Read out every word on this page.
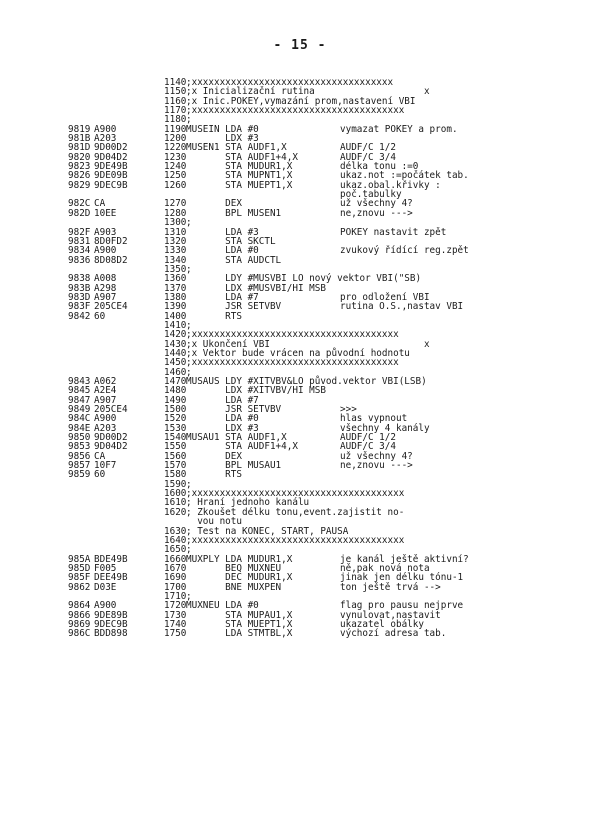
- 15 -
1140 ;xxxxxxxxxxxxxxxxxxxxxxxxxxxxxxxxxxxx
1150 ;x Inicializační rutina	x
1160 ;x Inic.POKEY,vymazání prom,nastavení VBI
1170 ;xxxxxxxxxxxxxxxxxxxxxxxxxxxxxxxxxxxxxx
1180 ;
9819 A900	1190 MUSEIN LDA #0	vymazat POKEY a prom.
981B A203	1200 LDX #3
981D 9D00D2	1220 MUSEN1 STA AUDF1,X	AUDF/C 1/2
9820 9D04D2	1230 STA AUDF1+4,X	AUDF/C 3/4
9823 9DE49B	1240 STA MUDUR1,X	délka tonu :=0
9826 9DE09B	1250 STA MUPNT1,X	ukaz.not :=počátek tab.
9829 9DEC9B	1260 STA MUEPT1,X	ukaz.obal.křivky :
poč.tabulky
982C CA	1270 DEX	už všechny 4?
982D 10EE	1280 BPL MUSEN1	ne,znovu --->
1300 ;
982F A903	1310 LDA #3	POKEY nastavit zpět
9831 8D0FD2	1320 STA SKCTL
9834 A900	1330 LDA #0	zvukový řídící reg.zpět
9836 8D08D2	1340 STA AUDCTL
1350 ;
9838 A008	1360 LDY #MUSVBI LO nový vektor VBI("SB)
983B A298	1370 LDX #MUSVBI/HI MSB
983D A907	1380 LDA #7	pro odložení VBI
983F 205CE4	1390 JSR SETVBV	rutina O.S.,nastav VBI
9842 60	1400 RTS
1410 ;
1420 ;xxxxxxxxxxxxxxxxxxxxxxxxxxxxxxxxxxxxx
1430 ;x Ukončení VBI	x
1440 ;x Vektor bude vrácen na původní hodnotu
1450 ;xxxxxxxxxxxxxxxxxxxxxxxxxxxxxxxxxxxxx
1460 ;
9843 A062	1470 MUSAUS LDY #XITVBV&LO původ.vektor VBI(LSB)
9845 A2E4	1480 LDX #XITVBV/HI MSB
9847 A907	1490 LDA #7
9849 205CE4	1500 JSR SETVBV	>>>
984C A900	1520 LDA #0	hlas vypnout
984E A203	1530 LDX #3	všechny 4 kanály
9850 9D00D2	1540 MUSAU1 STA AUDF1,X	AUDF/C 1/2
9853 9D04D2	1550 STA AUDF1+4,X	AUDF/C 3/4
9856 CA	1560 DEX	už všechny 4?
9857 10F7	1570 BPL MUSAU1	ne,znovu --->
9859 60	1580 RTS
1590 ;
1600 ;xxxxxxxxxxxxxxxxxxxxxxxxxxxxxxxxxxxxxx
1610 ; Hraní jednoho kanálu
1620 ; Zkoušet délku tonu,event.zajistit no-
vou notu
1630 ; Test na KONEC, START, PAUSA
1640 ;xxxxxxxxxxxxxxxxxxxxxxxxxxxxxxxxxxxxxx
1650 ;
985A BDE49B	1660 MUXPLY LDA MUDUR1,X	je kanál ještě aktivní?
985D F005	1670 BEQ MUXNEU	ně,pak nová nota
985F DEE49B	1690 DEC MUDUR1,X	jinak jen délku tónu-1
9862 D03E	1700 BNE MUXPEN	ton ještě trvá -->
1710 ;
9864 A900	1720 MUXNEU LDA #0	flag pro pausu nejprve
9866 9DE89B	1730 STA MUPAU1,X	vynulovat,nastavit
9869 9DEC9B	1740 STA MUEPT1,X	ukazatel obálky
986C BDD898	1750 LDA STMTBL,X	výchozí adresa tab.
